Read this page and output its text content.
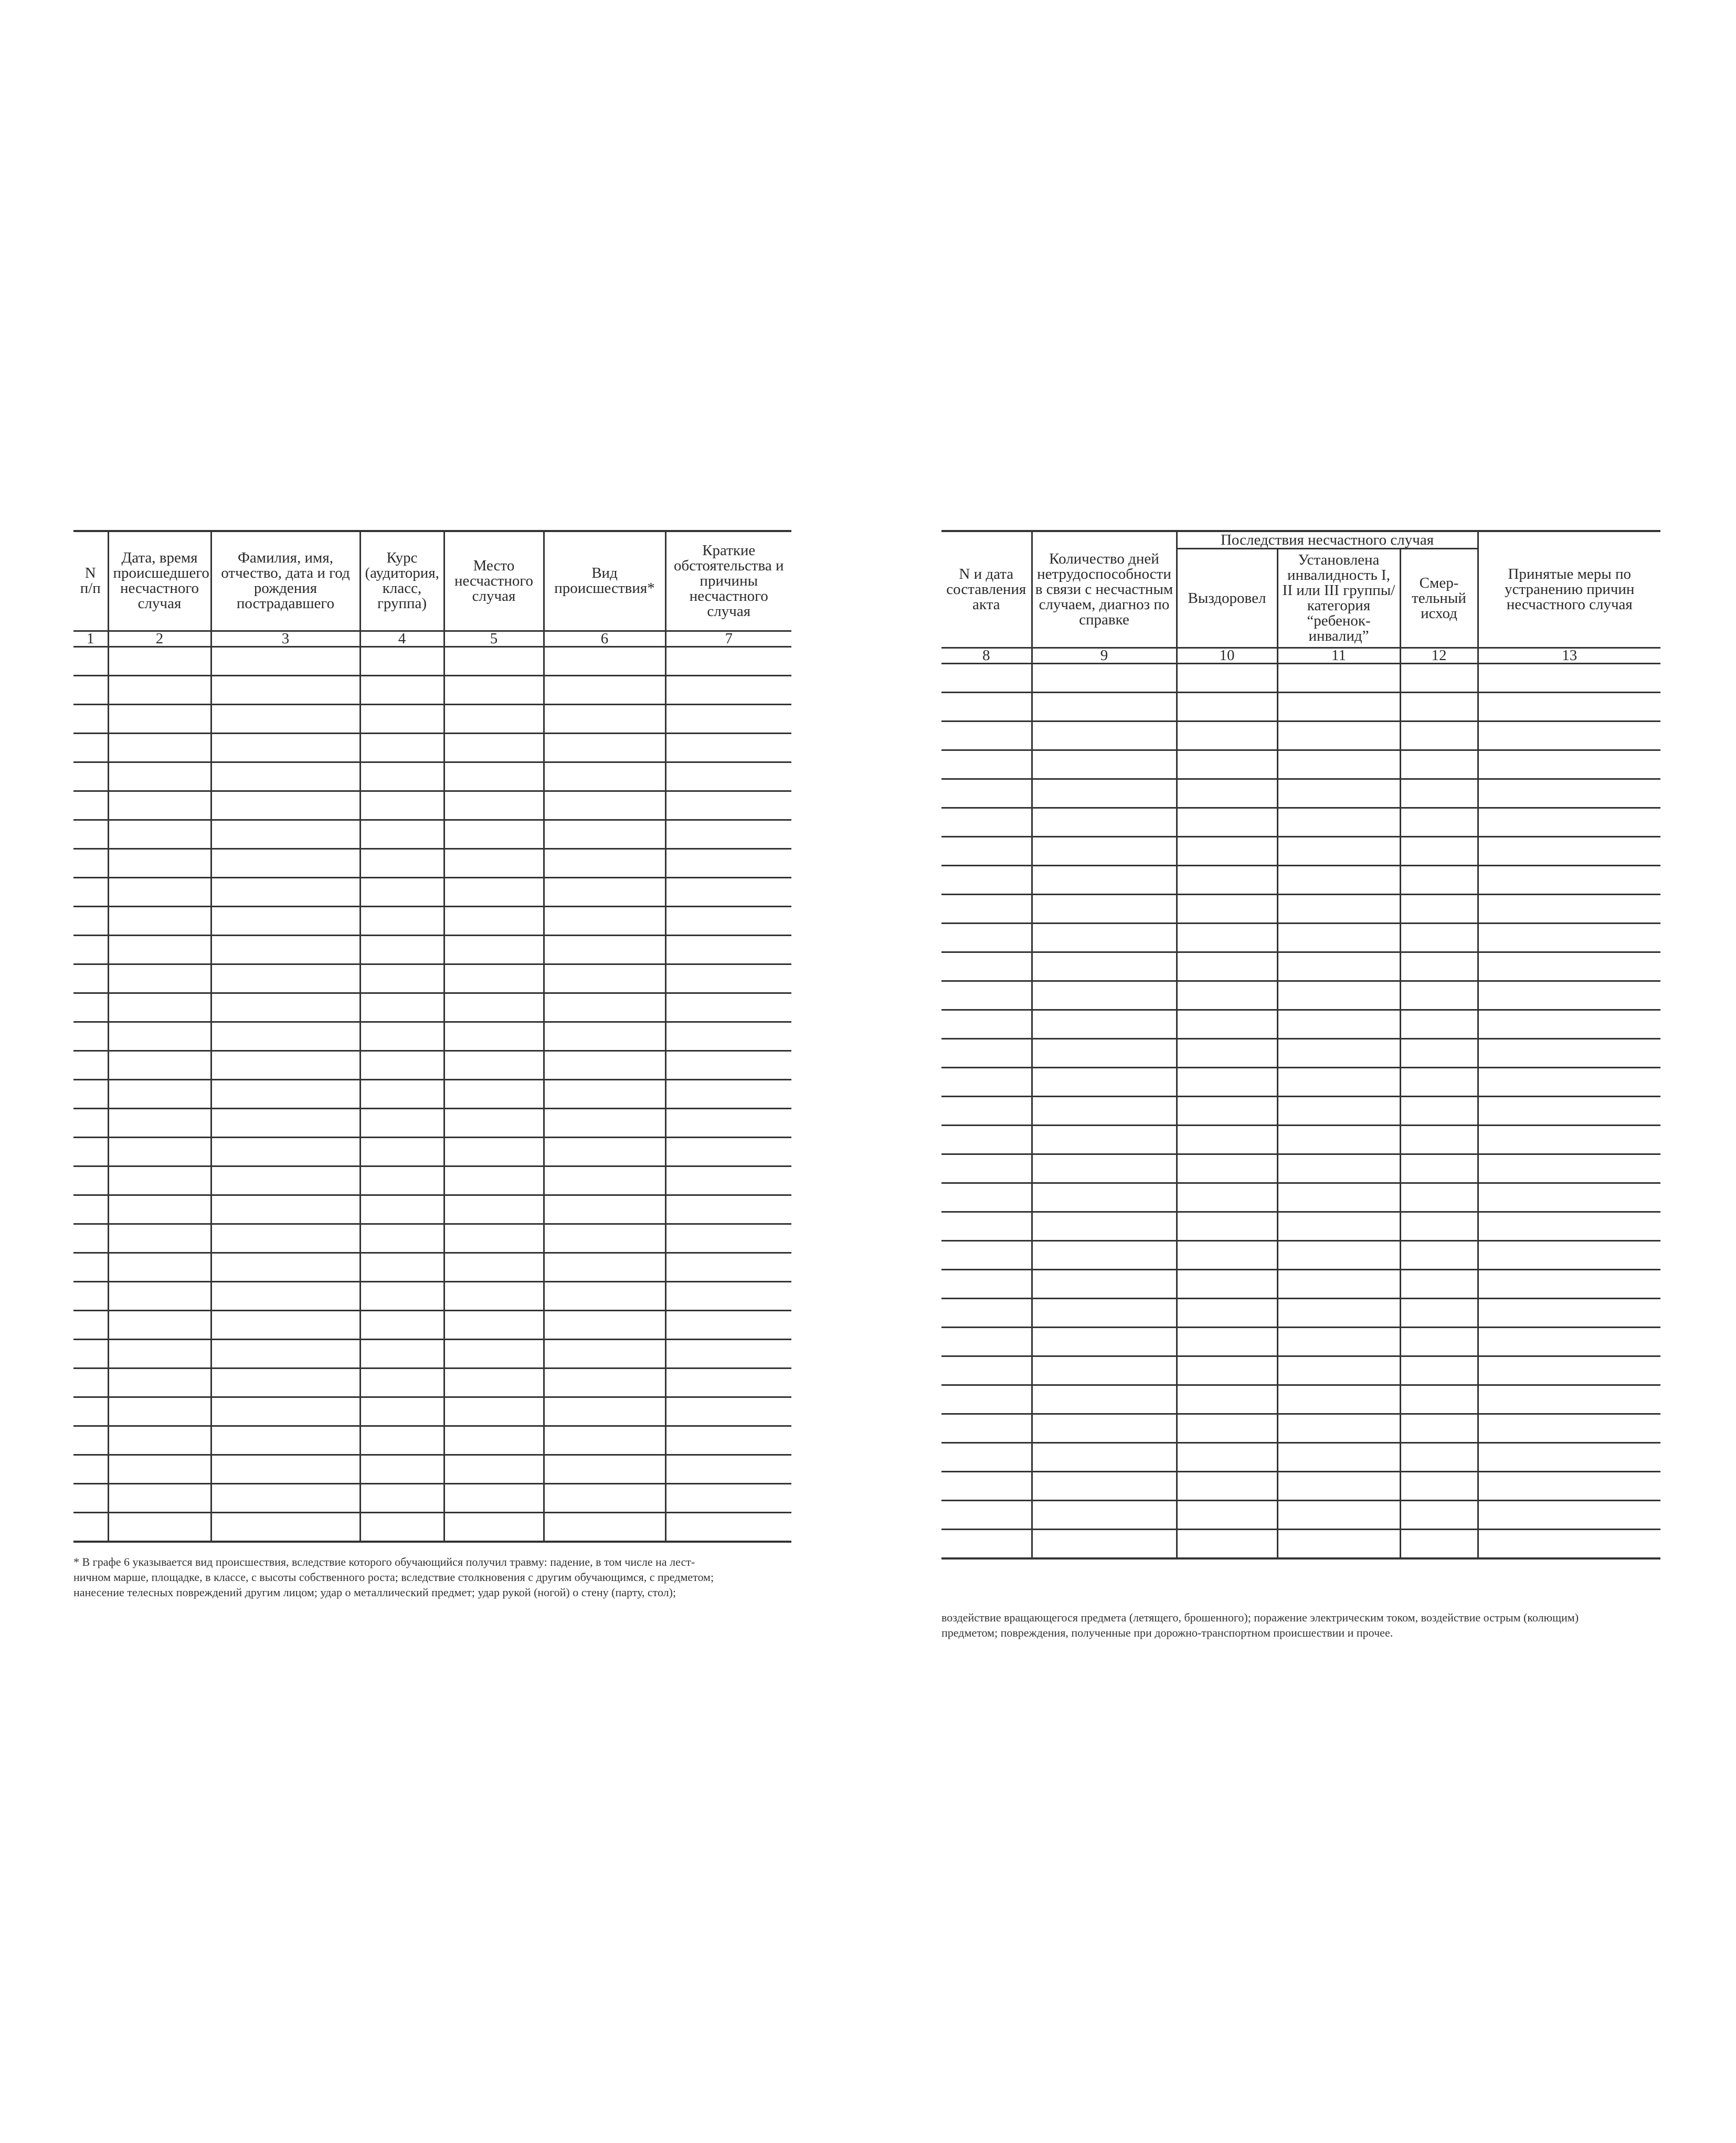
N п/п	Дата, время происшедшего несчастного случая	Фамилия, имя, отчество, дата и год рождения пострадавшего	Курс (аудитория, класс, группа)	Место несчастного случая	Вид происшествия*	Краткие обстоятельства и причины несчастного случая
1	2	3	4	5	6	7

* В графе 6 указывается вид происшествия, вследствие которого обучающийся получил травму: падение, в том числе на лест-
ничном марше, площадке, в классе, с высоты собственного роста; вследствие столкновения с другим обучающимся, с предметом;
нанесение телесных повреждений другим лицом; удар о металлический предмет; удар рукой (ногой) о стену (парту, стол);
N и дата составления акта	Количество дней нетрудоспособности в связи с несчастным случаем, диагноз по справке	Последствия несчастного случая			Принятые меры по устранению причин несчастного случая
		Выздоровел	Установлена инвалидность I, II или III группы/категория “ребенок-инвалид”	Смер-тельный исход	
8	9	10	11	12	13

воздействие вращающегося предмета (летящего, брошенного); поражение электрическим током, воздействие острым (колющим)
предметом; повреждения, полученные при дорожно-транспортном происшествии и прочее.
